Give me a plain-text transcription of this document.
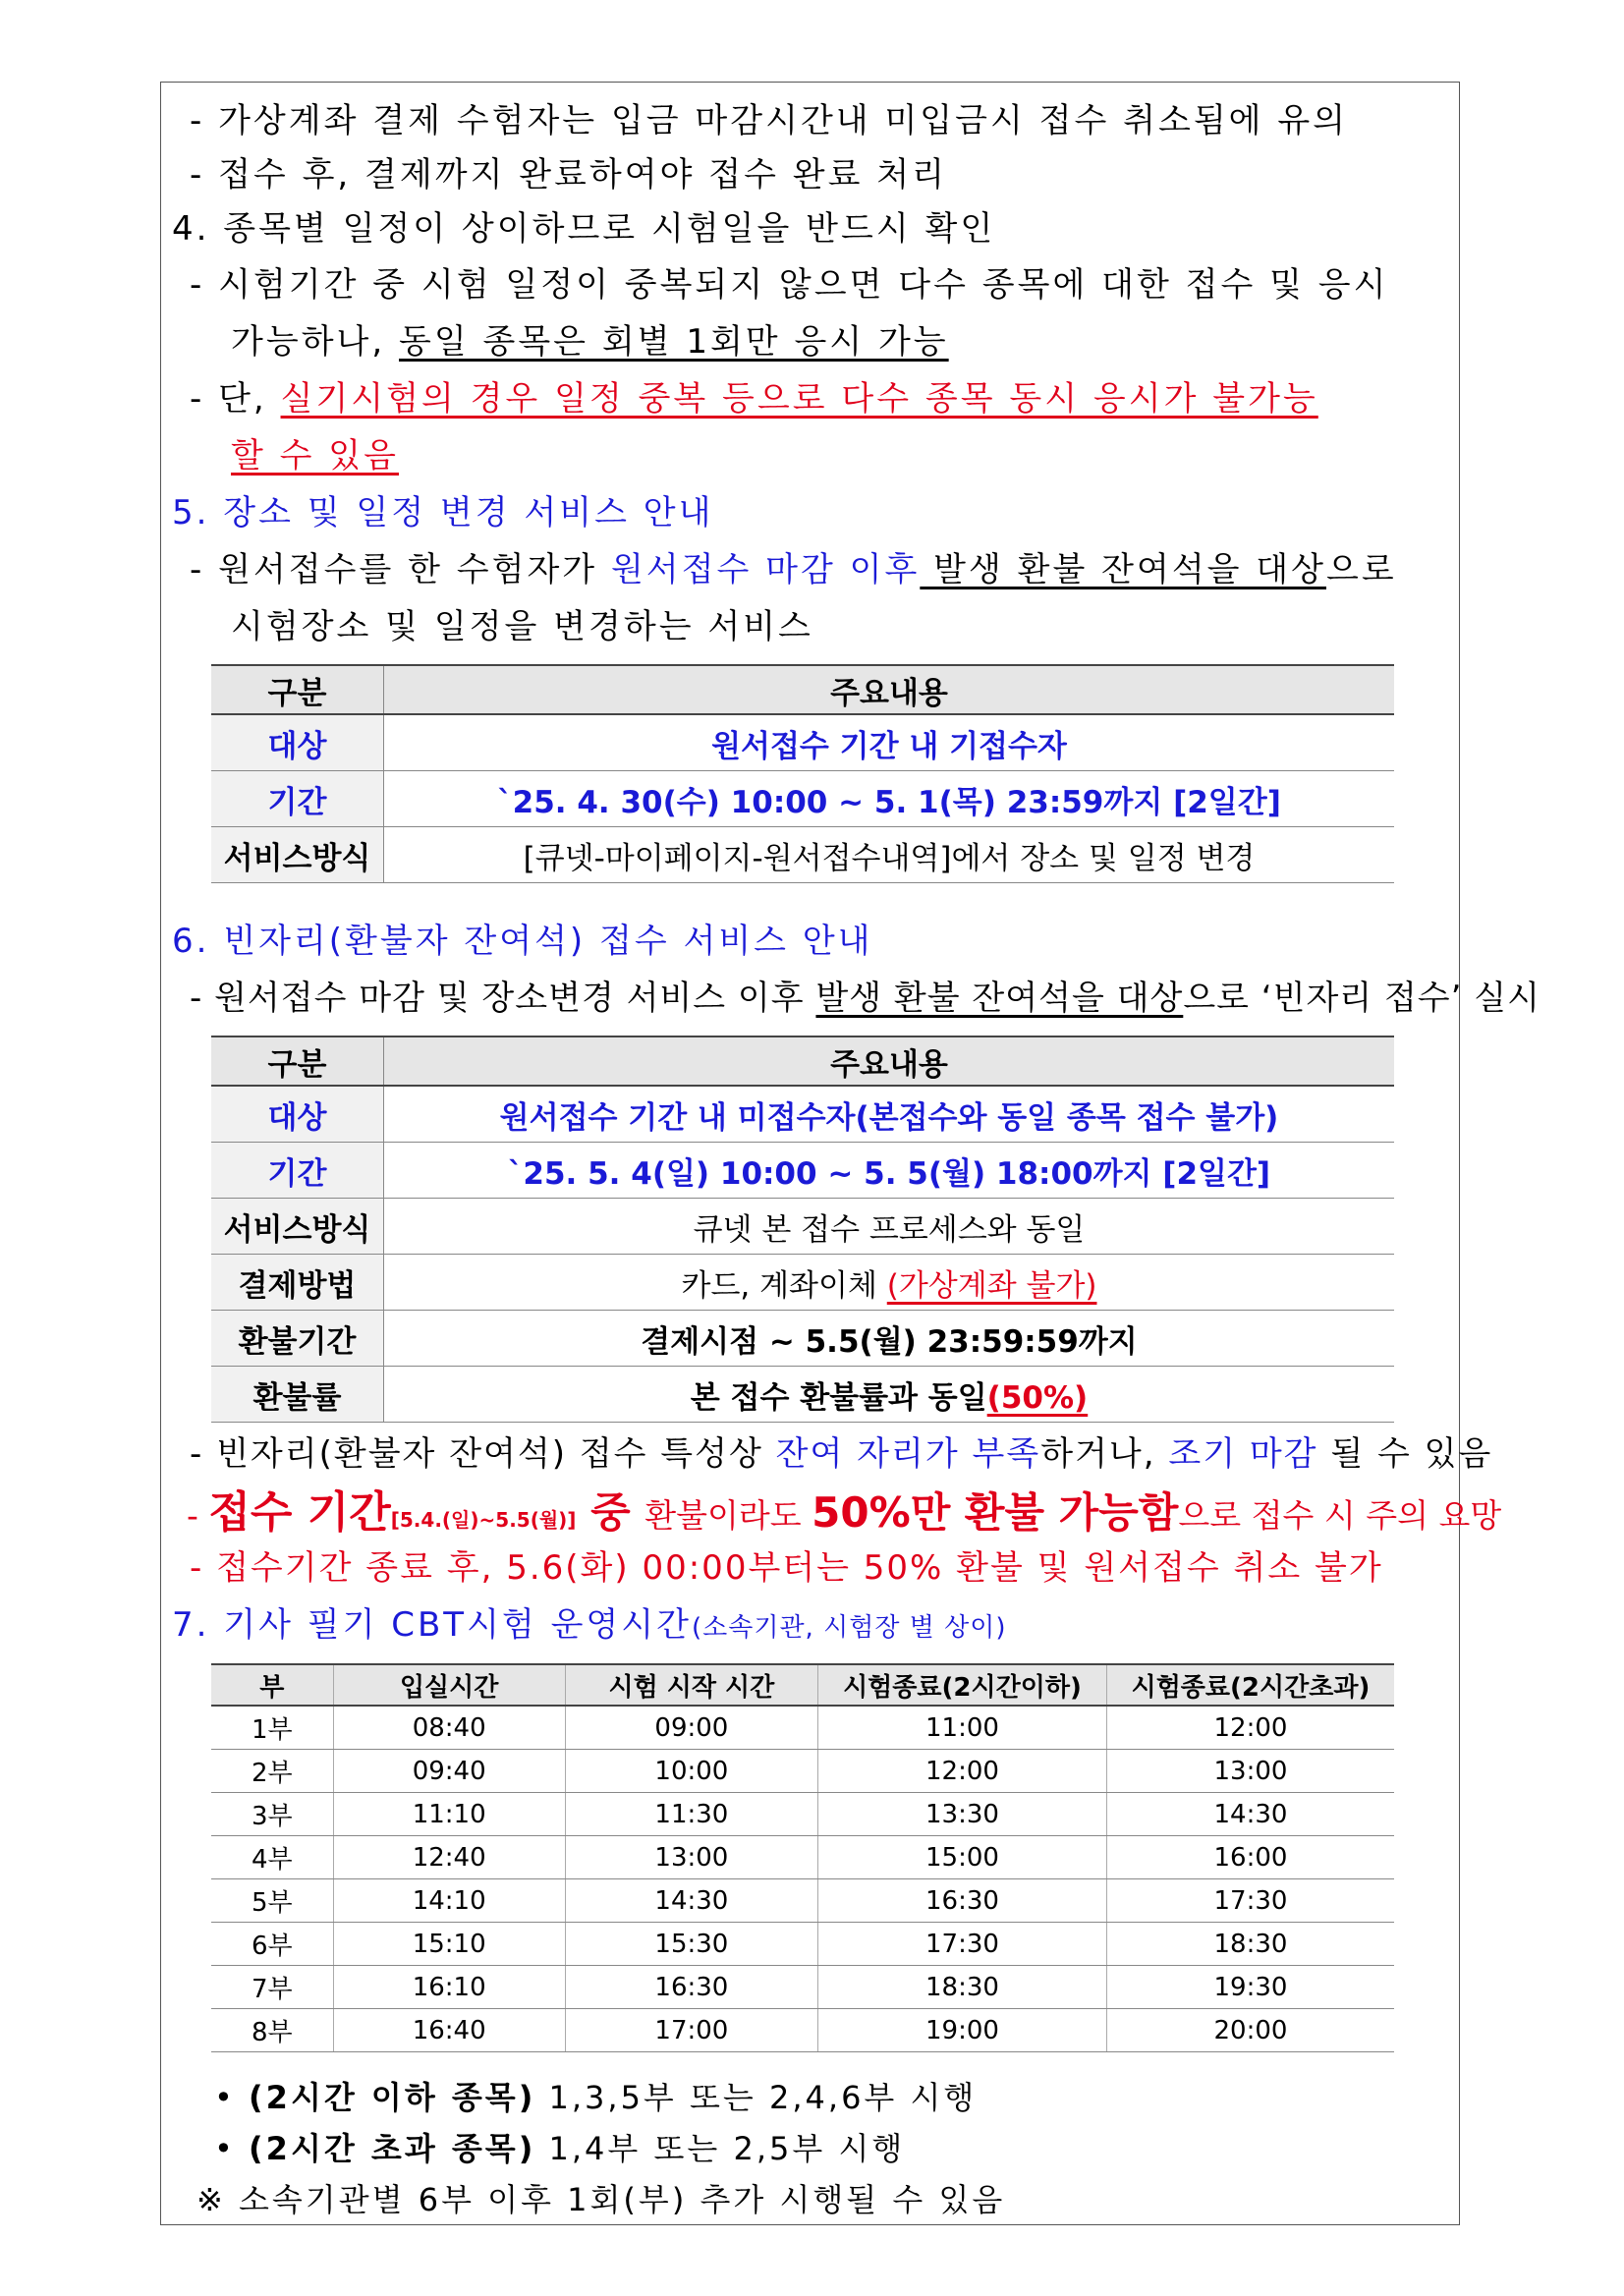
- 가상계좌 결제 수험자는 입금 마감시간내 미입금시 접수 취소됨에 유의
- 접수 후, 결제까지 완료하여야 접수 완료 처리
4. 종목별 일정이 상이하므로 시험일을 반드시 확인
- 시험기간 중 시험 일정이 중복되지 않으면 다수 종목에 대한 접수 및 응시
가능하나, 동일 종목은 회별 1회만 응시 가능
- 단, 실기시험의 경우 일정 중복 등으로 다수 종목 동시 응시가 불가능
할 수 있음
5. 장소 및 일정 변경 서비스 안내
- 원서접수를 한 수험자가 원서접수 마감 이후 발생 환불 잔여석을 대상으로
시험장소 및 일정을 변경하는 서비스
구분	주요내용
대상	원서접수 기간 내 기접수자
기간	`25. 4. 30(수) 10:00 ~ 5. 1(목) 23:59까지 [2일간]
서비스방식	[큐넷-마이페이지-원서접수내역]에서 장소 및 일정 변경
6. 빈자리(환불자 잔여석) 접수 서비스 안내
- 원서접수 마감 및 장소변경 서비스 이후 발생 환불 잔여석을 대상으로 ‘빈자리 접수’ 실시
구분	주요내용
대상	원서접수 기간 내 미접수자(본접수와 동일 종목 접수 불가)
기간	`25. 5. 4(일) 10:00 ~ 5. 5(월) 18:00까지 [2일간]
서비스방식	큐넷 본 접수 프로세스와 동일
결제방법	카드, 계좌이체 (가상계좌 불가)
환불기간	결제시점 ~ 5.5(월) 23:59:59까지
환불률	본 접수 환불률과 동일(50%)
- 빈자리(환불자 잔여석) 접수 특성상 잔여 자리가 부족하거나, 조기 마감 될 수 있음
- 접수 기간[5.4.(일)~5.5(월)] 중 환불이라도 50%만 환불 가능함으로 접수 시 주의 요망
- 접수기간 종료 후, 5.6(화) 00:00부터는 50% 환불 및 원서접수 취소 불가
7. 기사 필기 CBT시험 운영시간(소속기관, 시험장 별 상이)
부	입실시간	시험 시작 시간	시험종료(2시간이하)	시험종료(2시간초과)
1부	08:40	09:00	11:00	12:00
2부	09:40	10:00	12:00	13:00
3부	11:10	11:30	13:30	14:30
4부	12:40	13:00	15:00	16:00
5부	14:10	14:30	16:30	17:30
6부	15:10	15:30	17:30	18:30
7부	16:10	16:30	18:30	19:30
8부	16:40	17:00	19:00	20:00
• (2시간 이하 종목) 1,3,5부 또는 2,4,6부 시행
• (2시간 초과 종목) 1,4부 또는 2,5부 시행
※ 소속기관별 6부 이후 1회(부) 추가 시행될 수 있음
